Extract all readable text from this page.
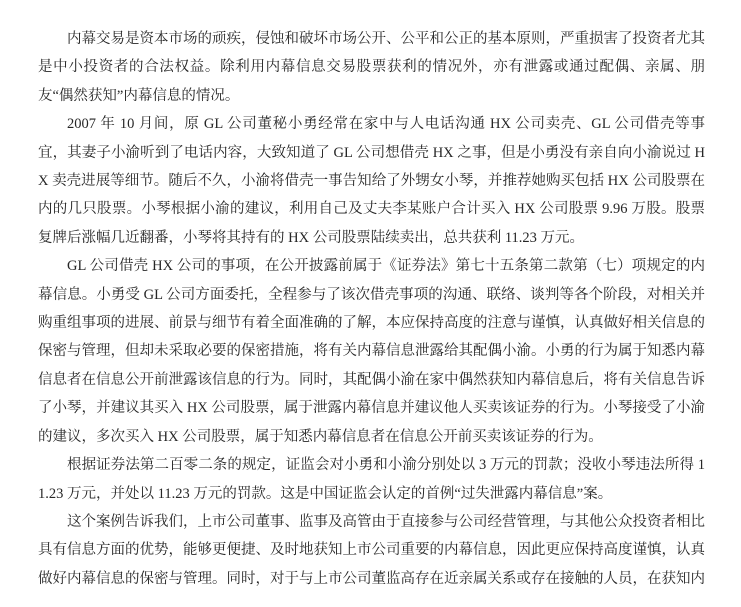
内幕交易是资本市场的顽疾，侵蚀和破坏市场公开、公平和公正的基本原则，严重损害了投资者尤其是中小投资者的合法权益。除利用内幕信息交易股票获利的情况外，亦有泄露或通过配偶、亲属、朋友“偶然获知”内幕信息的情况。

2007 年 10 月间，原 GL 公司董秘小勇经常在家中与人电话沟通 HX 公司卖壳、GL 公司借壳等事宜，其妻子小渝听到了电话内容，大致知道了 GL 公司想借壳 HX 之事，但是小勇没有亲自向小渝说过 HX 卖壳进展等细节。随后不久，小渝将借壳一事告知给了外甥女小琴，并推荐她购买包括 HX 公司股票在内的几只股票。小琴根据小渝的建议，利用自己及丈夫李某账户合计买入 HX 公司股票 9.96 万股。股票复牌后涨幅几近翻番，小琴将其持有的 HX 公司股票陆续卖出，总共获利 11.23 万元。

GL 公司借壳 HX 公司的事项，在公开披露前属于《证券法》第七十五条第二款第（七）项规定的内幕信息。小勇受 GL 公司方面委托，全程参与了该次借壳事项的沟通、联络、谈判等各个阶段，对相关并购重组事项的进展、前景与细节有着全面准确的了解，本应保持高度的注意与谨慎，认真做好相关信息的保密与管理，但却未采取必要的保密措施，将有关内幕信息泄露给其配偶小渝。小勇的行为属于知悉内幕信息者在信息公开前泄露该信息的行为。同时，其配偶小渝在家中偶然获知内幕信息后，将有关信息告诉了小琴，并建议其买入 HX 公司股票，属于泄露内幕信息并建议他人买卖该证券的行为。小琴接受了小渝的建议，多次买入 HX 公司股票，属于知悉内幕信息者在信息公开前买卖该证券的行为。

根据证券法第二百零二条的规定，证监会对小勇和小渝分别处以 3 万元的罚款；没收小琴违法所得 11.23 万元，并处以 11.23 万元的罚款。这是中国证监会认定的首例“过失泄露内幕信息”案。

这个案例告诉我们，上市公司董事、监事及高管由于直接参与公司经营管理，与其他公众投资者相比具有信息方面的优势，能够更便捷、及时地获知上市公司重要的内幕信息，因此更应保持高度谨慎，认真做好内幕信息的保密与管理。同时，对于与上市公司董监高存在近亲属关系或存在接触的人员，在获知内
